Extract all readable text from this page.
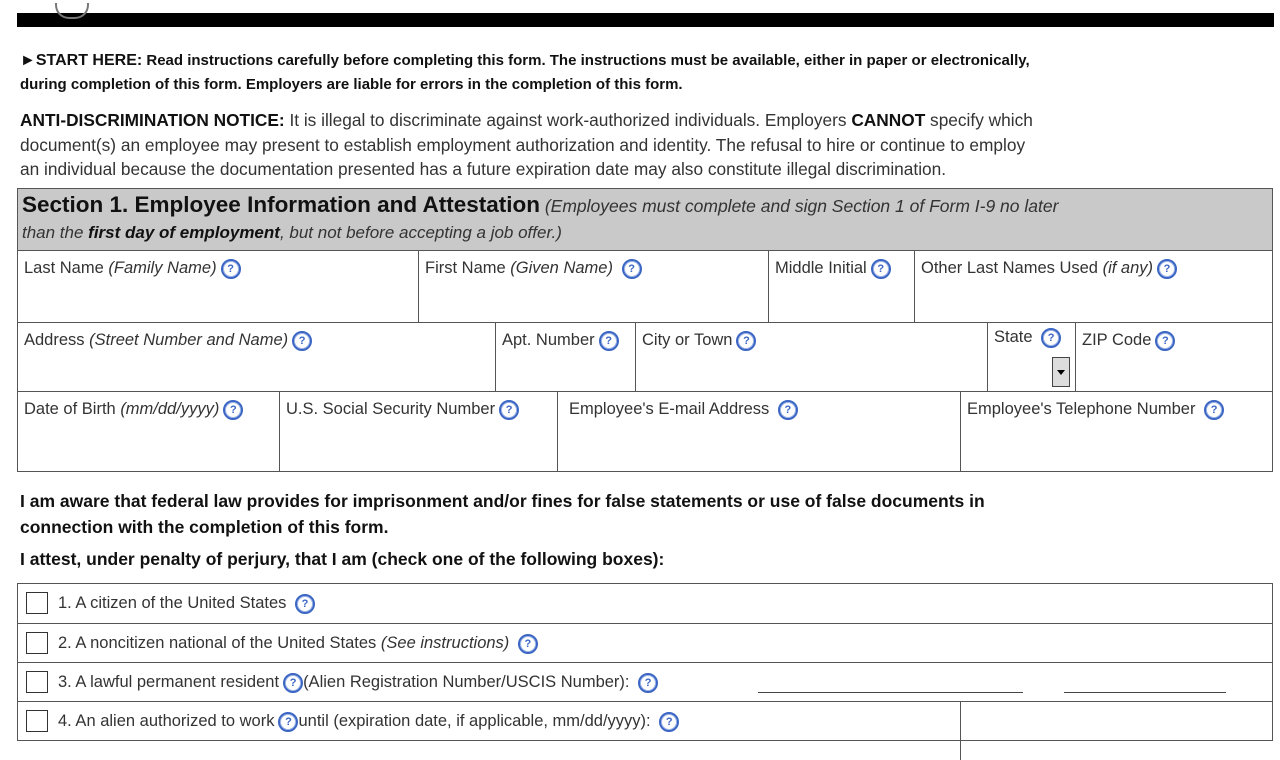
►START HERE: Read instructions carefully before completing this form. The instructions must be available, either in paper or electronically,
during completion of this form. Employers are liable for errors in the completion of this form.
ANTI-DISCRIMINATION NOTICE: It is illegal to discriminate against work-authorized individuals. Employers CANNOT specify which
document(s) an employee may present to establish employment authorization and identity. The refusal to hire or continue to employ
an individual because the documentation presented has a future expiration date may also constitute illegal discrimination.
Section 1. Employee Information and Attestation (Employees must complete and sign Section 1 of Form I-9 no later
than the first day of employment, but not before accepting a job offer.)
Last Name (Family Name) ?	First Name (Given Name) ?	Middle Initial ?	Other Last Names Used (if any) ?
Address (Street Number and Name) ?	Apt. Number ?	City or Town ?	State ?	ZIP Code ?
Date of Birth (mm/dd/yyyy) ?	U.S. Social Security Number ?	Employee's E-mail Address ?	Employee's Telephone Number ?
I am aware that federal law provides for imprisonment and/or fines for false statements or use of false documents in
connection with the completion of this form.
I attest, under penalty of perjury, that I am (check one of the following boxes):
1. A citizen of the United States ?
2. A noncitizen national of the United States (See instructions) ?
3. A lawful permanent resident ? (Alien Registration Number/USCIS Number): ?
4. An alien authorized to work ? until (expiration date, if applicable, mm/dd/yyyy): ?
